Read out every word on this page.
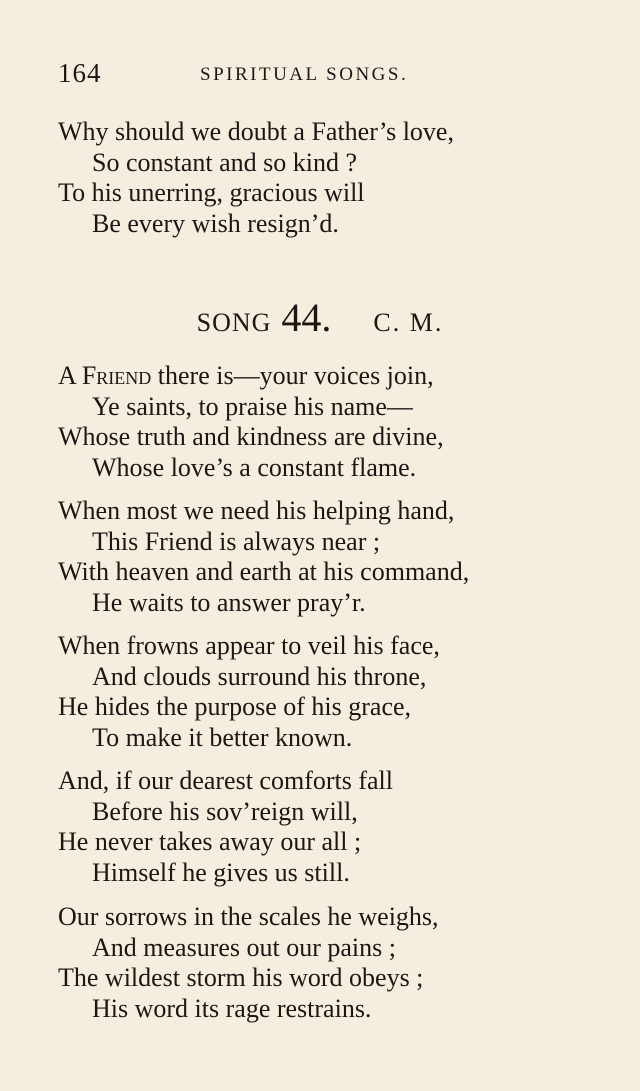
164	SPIRITUAL SONGS.
Why should we doubt a Father’s love,
So constant and so kind ?
To his unerring, gracious will
Be every wish resign’d.
SONG 44. C. M.
A Friend there is—your voices join,
Ye saints, to praise his name—
Whose truth and kindness are divine,
Whose love’s a constant flame.
When most we need his helping hand,
This Friend is always near ;
With heaven and earth at his command,
He waits to answer pray’r.
When frowns appear to veil his face,
And clouds surround his throne,
He hides the purpose of his grace,
To make it better known.
And, if our dearest comforts fall
Before his sov’reign will,
He never takes away our all ;
Himself he gives us still.
Our sorrows in the scales he weighs,
And measures out our pains ;
The wildest storm his word obeys ;
His word its rage restrains.
